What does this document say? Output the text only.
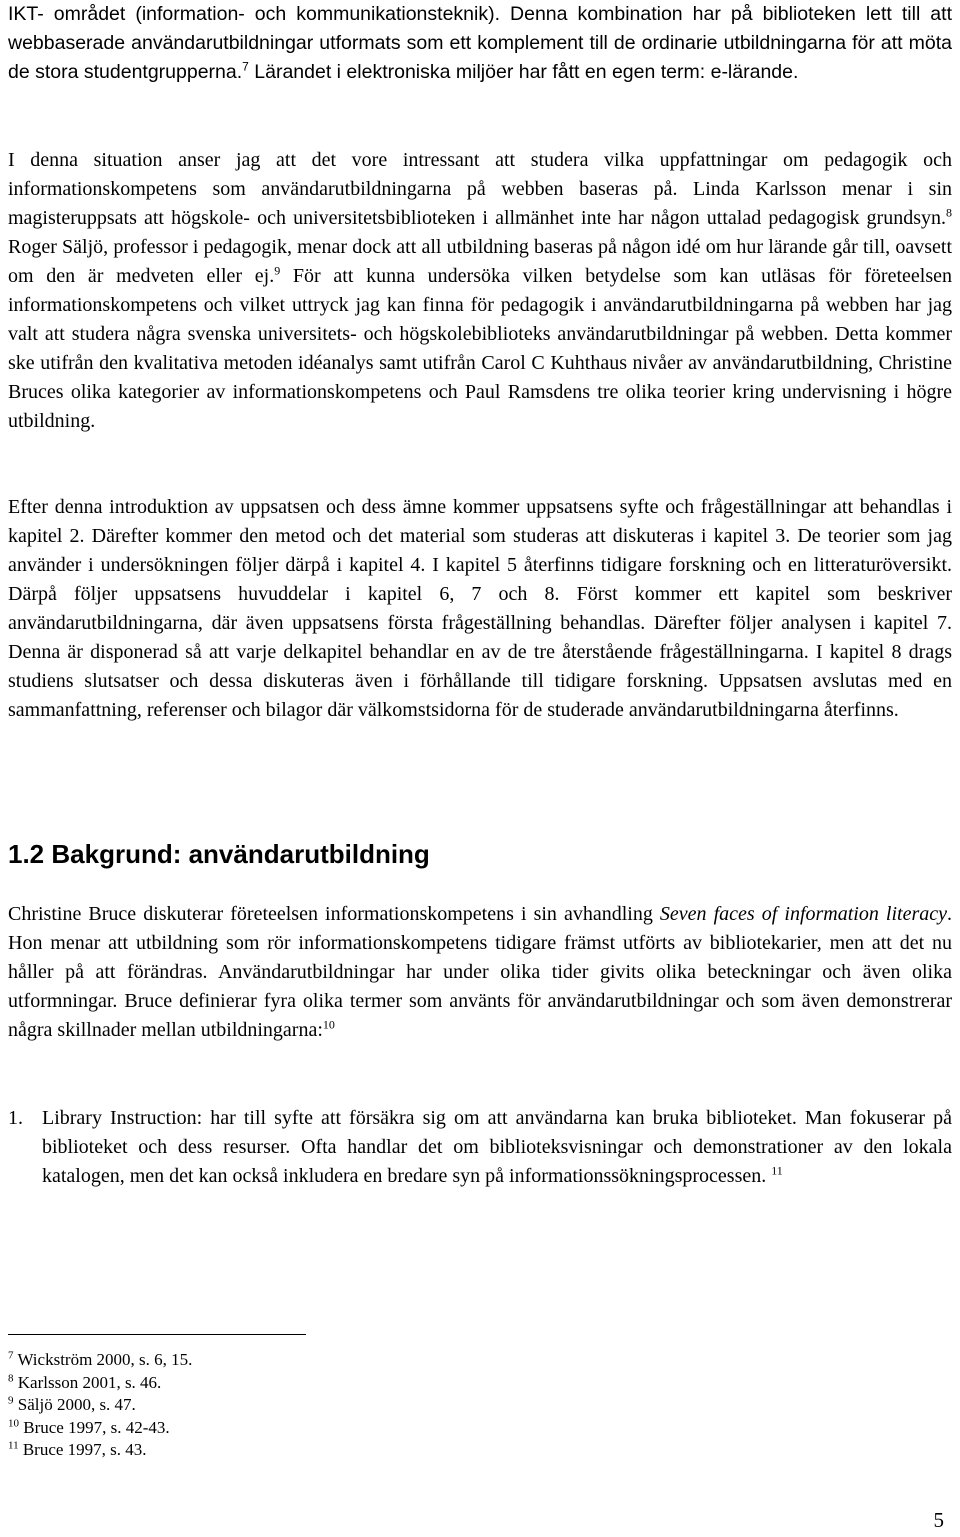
IKT- området (information- och kommunikationsteknik). Denna kombination har på biblioteken lett till att webbaserade användarutbildningar utformats som ett komplement till de ordinarie utbildningarna för att möta de stora studentgrupperna.$^7$ Lärandet i elektroniska miljöer har fått en egen term: e-lärande.

I denna situation anser jag att det vore intressant att studera vilka uppfattningar om pedagogik och informationskompetens som användarutbildningarna på webben baseras på. Linda Karlsson menar i sin magisteruppsats att högskole- och universitetsbiblioteken i allmänhet inte har någon uttalad pedagogisk grundsyn.$^8$ Roger Säljö, professor i pedagogik, menar dock att all utbildning baseras på någon idé om hur lärande går till, oavsett om den är medveten eller ej.$^9$ För att kunna undersöka vilken betydelse som kan utläsas för företeelsen informationskompetens och vilket uttryck jag kan finna för pedagogik i användarutbildningarna på webben har jag valt att studera några svenska universitets- och högskolebiblioteks användarutbildningar på webben. Detta kommer ske utifrån den kvalitativa metoden idéanalys samt utifrån Carol C Kuhthaus nivåer av användarutbildning, Christine Bruces olika kategorier av informationskompetens och Paul Ramsdens tre olika teorier kring undervisning i högre utbildning.

Efter denna introduktion av uppsatsen och dess ämne kommer uppsatsens syfte och frågeställningar att behandlas i kapitel 2. Därefter kommer den metod och det material som studeras att diskuteras i kapitel 3. De teorier som jag använder i undersökningen följer därpå i kapitel 4. I kapitel 5 återfinns tidigare forskning och en litteraturöversikt. Därpå följer uppsatsens huvuddelar i kapitel 6, 7 och 8. Först kommer ett kapitel som beskriver användarutbildningarna, där även uppsatsens första frågeställning behandlas. Därefter följer analysen i kapitel 7. Denna är disponerad så att varje delkapitel behandlar en av de tre återstående frågeställningarna. I kapitel 8 drags studiens slutsatser och dessa diskuteras även i förhållande till tidigare forskning. Uppsatsen avslutas med en sammanfattning, referenser och bilagor där välkomstsidorna för de studerade användarutbildningarna återfinns.

1.2 Bakgrund: användarutbildning

Christine Bruce diskuterar företeelsen informationskompetens i sin avhandling Seven faces of information literacy. Hon menar att utbildning som rör informationskompetens tidigare främst utförts av bibliotekarier, men att det nu håller på att förändras. Användarutbildningar har under olika tider givits olika beteckningar och även olika utformningar. Bruce definierar fyra olika termer som använts för användarutbildningar och som även demonstrerar några skillnader mellan utbildningarna:$^{10}$

1. Library Instruction: har till syfte att försäkra sig om att användarna kan bruka biblioteket. Man fokuserar på biblioteket och dess resurser. Ofta handlar det om biblioteksvisningar och demonstrationer av den lokala katalogen, men det kan också inkludera en bredare syn på informationssökningsprocessen. $^{11}$

$^7$ Wickström 2000, s. 6, 15.
$^8$ Karlsson 2001, s. 46.
$^9$ Säljö 2000, s. 47.
$^{10}$ Bruce 1997, s. 42-43.
$^{11}$ Bruce 1997, s. 43.
5
